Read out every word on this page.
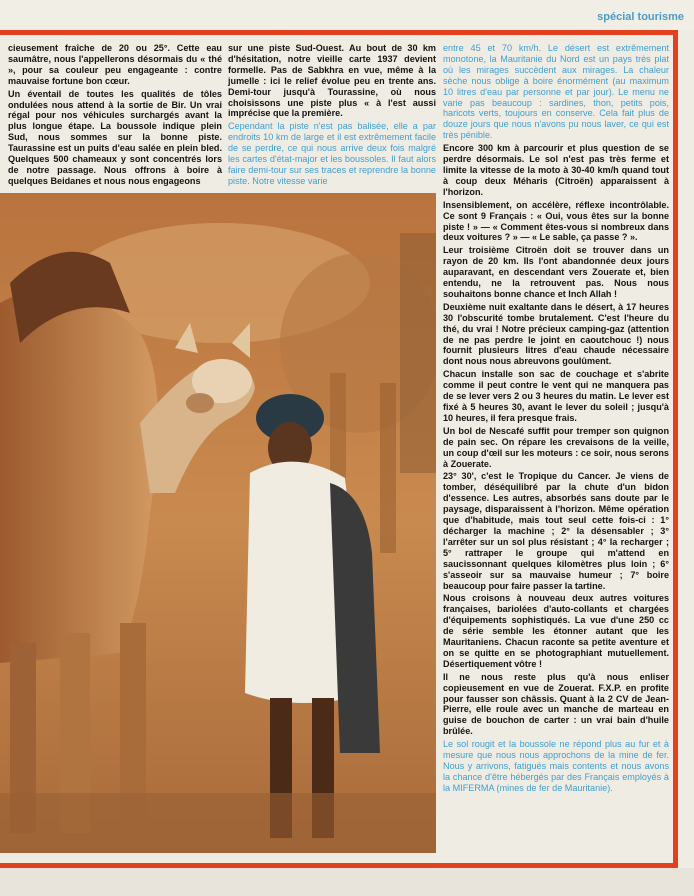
spécial tourisme

cieusement fraîche de 20 ou 25°. Cette eau saumâtre, nous l'appellerons désormais du « thé », pour sa couleur peu engageante : contre mauvaise fortune bon cœur.

Un éventail de toutes les qualités de tôles ondulées nous attend à la sortie de Bir. Un vrai régal pour nos véhicules surchargés avant la plus longue étape. La boussole indique plein Sud, nous sommes sur la bonne piste. Taurassine est un puits d'eau salée en plein bled. Quelques 500 chameaux y sont concentrés lors de notre passage. Nous offrons à boire à quelques Beidanes et nous nous engageons

sur une piste Sud-Ouest. Au bout de 30 km d'hésitation, notre vieille carte 1937 devient formelle. Pas de Sabkhra en vue, même à la jumelle : ici le relief évolue peu en trente ans. Demi-tour jusqu'à Tourassine, où nous choisissons une piste plus « à l'est aussi imprécise que la première.

Cependant la piste n'est pas balisée, elle a par endroits 10 km de large et il est extrêmement facile de se perdre, ce qui nous arrive deux fois malgré les cartes d'état-major et les boussoles. Il faut alors faire demi-tour sur ses traces et reprendre la bonne piste. Notre vitesse varie

entre 45 et 70 km/h. Le désert est extrêmement monotone, la Mauritanie du Nord est un pays très plat où les mirages succèdent aux mirages. La chaleur sèche nous oblige à boire énormément (au maximum 10 litres d'eau par personne et par jour). Le menu ne varie pas beaucoup : sardines, thon, petits pois, haricots verts, toujours en conserve. Cela fait plus de douze jours que nous n'avons pu nous laver, ce qui est très pénible.

Encore 300 km à parcourir et plus question de se perdre désormais. Le sol n'est pas très ferme et limite la vitesse de la moto à 30-40 km/h quand tout à coup deux Méharis (Citroën) apparaissent à l'horizon.

Insensiblement, on accélère, réflexe incontrôlable. Ce sont 9 Français : « Oui, vous êtes sur la bonne piste ! » — « Comment êtes-vous si nombreux dans deux voitures ? » — « Le sable, ça passe ? ».

Leur troisième Citroën doit se trouver dans un rayon de 20 km. Ils l'ont abandonnée deux jours auparavant, en descendant vers Zouerate et, bien entendu, ne la retrouvent pas. Nous nous souhaitons bonne chance et Inch Allah !

Deuxième nuit exaltante dans le désert, à 17 heures 30 l'obscurité tombe brutalement. C'est l'heure du thé, du vrai ! Notre précieux camping-gaz (attention de ne pas perdre le joint en caoutchouc !) nous fournit plusieurs litres d'eau chaude nécessaire dont nous nous abreuvons goulûment.

Chacun installe son sac de couchage et s'abrite comme il peut contre le vent qui ne manquera pas de se lever vers 2 ou 3 heures du matin. Le lever est fixé à 5 heures 30, avant le lever du soleil ; jusqu'à 10 heures, il fera presque frais.

Un bol de Nescafé suffit pour tremper son quignon de pain sec. On répare les crevaisons de la veille, un coup d'œil sur les moteurs : ce soir, nous serons à Zouerate.

23° 30', c'est le Tropique du Cancer. Je viens de tomber, déséquilibré par la chute d'un bidon d'essence. Les autres, absorbés sans doute par le paysage, disparaissent à l'horizon. Même opération que d'habitude, mais tout seul cette fois-ci : 1° décharger la machine ; 2° la désensabler ; 3° l'arrêter sur un sol plus résistant ; 4° la recharger ; 5° rattraper le groupe qui m'attend en saucissonnant quelques kilomètres plus loin ; 6° s'asseoir sur sa mauvaise humeur ; 7° boire beaucoup pour faire passer la tartine.

Nous croisons à nouveau deux autres voitures françaises, bariolées d'auto-collants et chargées d'équipements sophistiqués. La vue d'une 250 cc de série semble les étonner autant que les Mauritaniens. Chacun raconte sa petite aventure et on se quitte en se photographiant mutuellement. Désertiquement vôtre !

Il ne nous reste plus qu'à nous enliser copieusement en vue de Zouerat. F.X.P. en profite pour fausser son châssis. Quant à la 2 CV de Jean-Pierre, elle roule avec un manche de marteau en guise de bouchon de carter : un vrai bain d'huile brûlée.

Le sol rougit et la boussole ne répond plus au fur et à mesure que nous nous approchons de la mine de fer. Nous y arrivons, fatigués mais contents et nous avons la chance d'être hébergés par des Français employés à la MIFERMA (mines de fer de Mauritanie).
